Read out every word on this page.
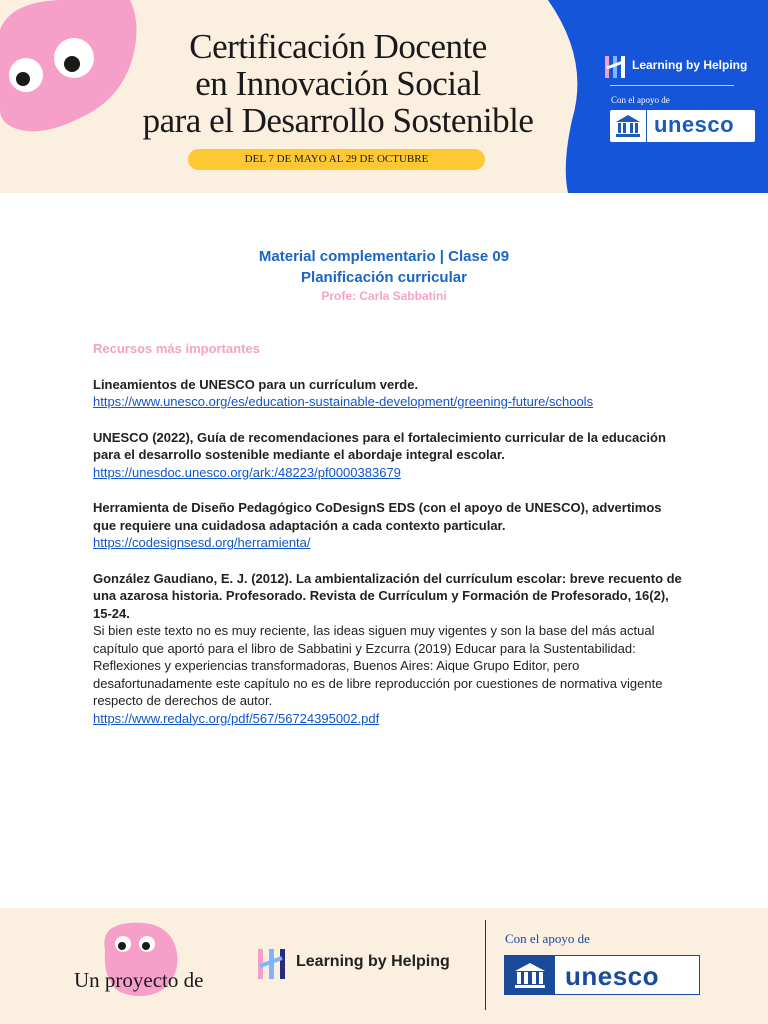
Certificación Docente
en Innovación Social
para el Desarrollo Sostenible
DEL 7 DE MAYO AL 29 DE OCTUBRE
Learning by Helping
Con el apoyo de
unesco
Material complementario | Clase 09
Planificación curricular
Profe: Carla Sabbatini
Recursos más importantes
Lineamientos de UNESCO para un currículum verde.
https://www.unesco.org/es/education-sustainable-development/greening-future/schools
UNESCO (2022), Guía de recomendaciones para el fortalecimiento curricular de la educación para el desarrollo sostenible mediante el abordaje integral escolar.
https://unesdoc.unesco.org/ark:/48223/pf0000383679
Herramienta de Diseño Pedagógico CoDesignS EDS (con el apoyo de UNESCO), advertimos que requiere una cuidadosa adaptación a cada contexto particular.
https://codesignsesd.org/herramienta/
González Gaudiano, E. J. (2012). La ambientalización del currículum escolar: breve recuento de una azarosa historia. Profesorado. Revista de Currículum y Formación de Profesorado, 16(2), 15-24.
Si bien este texto no es muy reciente, las ideas siguen muy vigentes y son la base del más actual capítulo que aportó para el libro de Sabbatini y Ezcurra (2019) Educar para la Sustentabilidad: Reflexiones y experiencias transformadoras, Buenos Aires: Aique Grupo Editor, pero desafortunadamente este capítulo no es de libre reproducción por cuestiones de normativa vigente respecto de derechos de autor.
https://www.redalyc.org/pdf/567/56724395002.pdf
Un proyecto de
Learning by Helping
Con el apoyo de
unesco
